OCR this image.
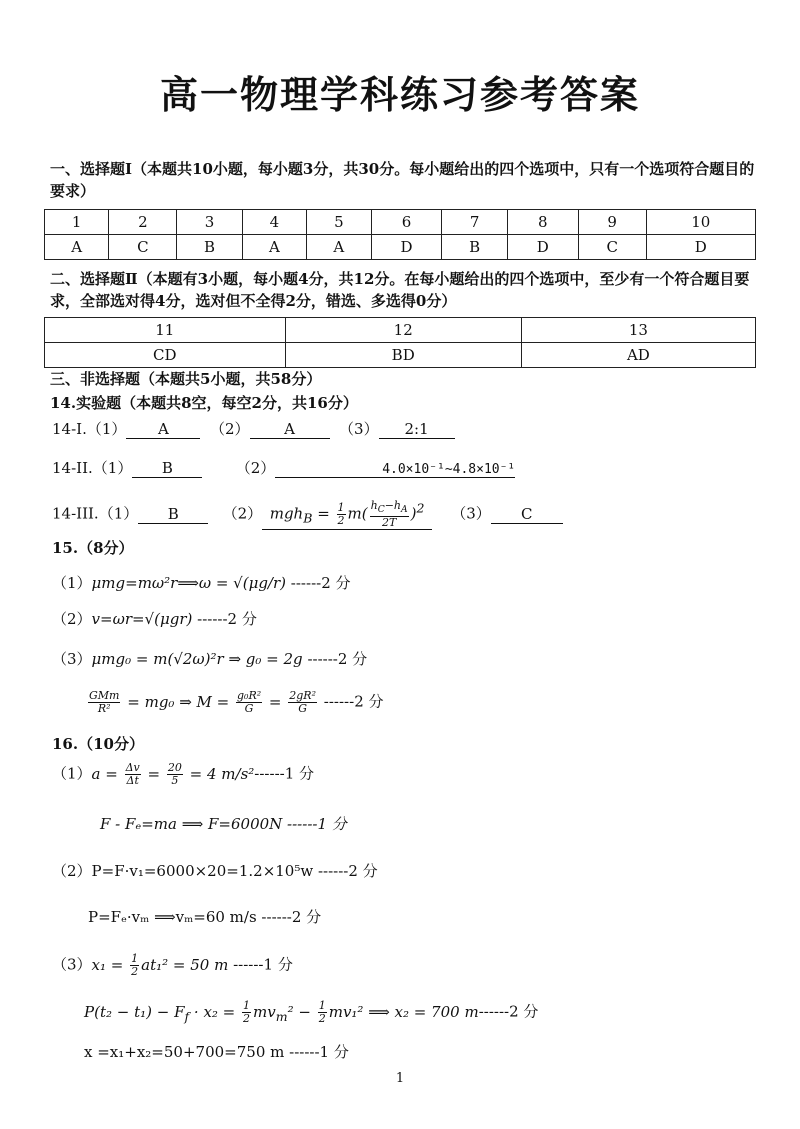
高一物理学科练习参考答案
一、选择题Ⅰ（本题共10小题，每小题3分，共30分。每小题给出的四个选项中，只有一个选项符合题目的要求）
1	2	3	4	5	6	7	8	9	10
A	C	B	A	A	D	B	D	C	D
二、选择题Ⅱ（本题有3小题，每小题4分，共12分。在每小题给出的四个选项中，至少有一个符合题目要求，全部选对得4分，选对但不全得2分，错选、多选得0分）
11	12	13
CD	BD	AD
三、非选择题（本题共5小题，共58分）
14.实验题（本题共8空，每空2分，共16分）
14-I.（1） A	（2） A	（3） 2:1
14-II.（1） B	（2）	4.0×10⁻¹~4.8×10⁻¹
14-III.（1） B	（2） $mgh_B = \frac{1}{2} m( \frac{h_C-h_A}{2T} )^2$ （3） C
15.（8分）
（1）μmg=mω²r⟹ω = √(μg/r) ------2 分
（2）v=ωr=√(μgr) ------2 分
（3）μmg₀ = m(√2ω)²r ⇒ g₀ = 2g ------2 分
$\frac{\text{GMm}}{\text{R²}} = mg_0$ ⇒ $M = \frac{\text{g₀R²}}{G} = \frac{\text{2gR²}}{G} ------2$ 分
16.（10分）
$(1)a = \frac{\Delta v}{\Delta t} = \frac{20}{5} = 4$ m/s²------1 分
F - Fₑ=ma ⟹ F=6000N ------1 分
（2）P=F·v₁=6000×20=1.2×10⁵w ------2 分
P=Fₑ·vₘ ⟹vₘ=60 m/s ------2 分
$(3)x_1 = \frac{1}{2} at_1^2 = 50$ m ------1 分
$P(t_2 - t_1) - F_f \cdot x_2 = \frac{1}{2} mv_m^2 - \frac{1}{2} mv_1^2$ ⟹ x₂ = 700 m------2 分
x =x₁+x₂=50+700=750 m ------1 分
1
